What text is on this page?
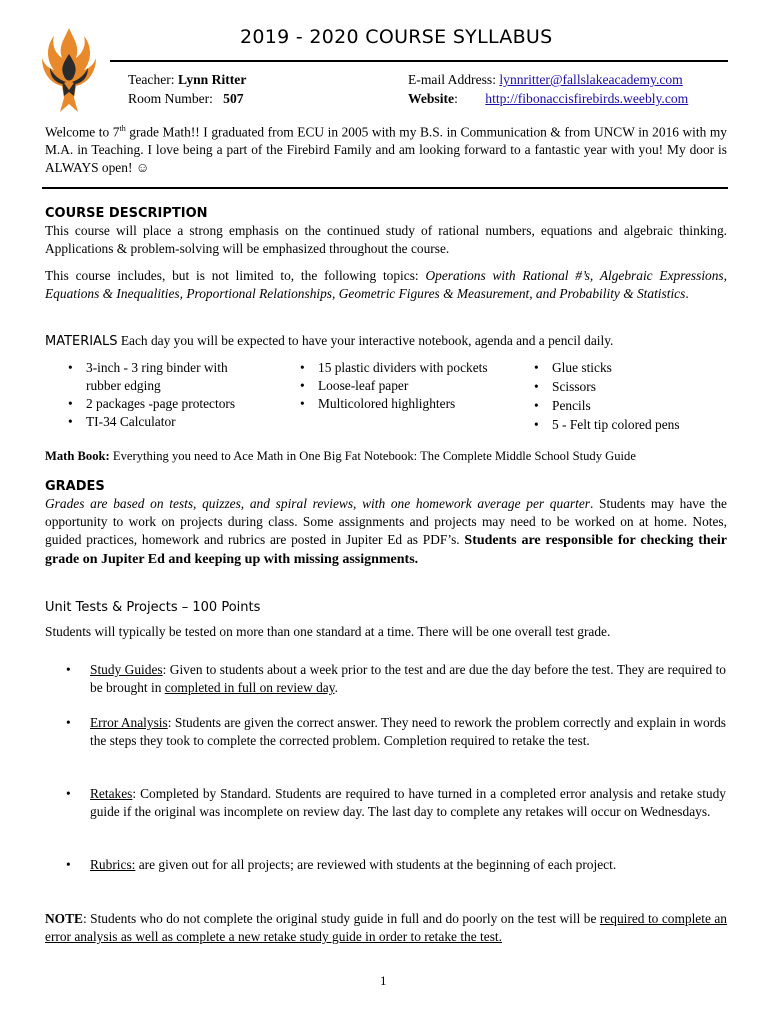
2019 - 2020 COURSE SYLLABUS
Teacher: Lynn Ritter
Room Number: 507
E-mail Address: lynnritter@fallslakeacademy.com
Website: http://fibonaccisfirebirds.weebly.com
Welcome to 7th grade Math!! I graduated from ECU in 2005 with my B.S. in Communication & from UNCW in 2016 with my M.A. in Teaching. I love being a part of the Firebird Family and am looking forward to a fantastic year with you! My door is ALWAYS open! ☺
COURSE DESCRIPTION
This course will place a strong emphasis on the continued study of rational numbers, equations and algebraic thinking. Applications & problem-solving will be emphasized throughout the course.
This course includes, but is not limited to, the following topics: Operations with Rational #’s, Algebraic Expressions, Equations & Inequalities, Proportional Relationships, Geometric Figures & Measurement, and Probability & Statistics.
MATERIALS Each day you will be expected to have your interactive notebook, agenda and a pencil daily.
• 3-inch - 3 ring binder with rubber edging
• 2 packages -page protectors
• TI-34 Calculator
• 15 plastic dividers with pockets
• Loose-leaf paper
• Multicolored highlighters
• Glue sticks
• Scissors
• Pencils
• 5 - Felt tip colored pens
Math Book: Everything you need to Ace Math in One Big Fat Notebook: The Complete Middle School Study Guide
GRADES
Grades are based on tests, quizzes, and spiral reviews, with one homework average per quarter. Students may have the opportunity to work on projects during class. Some assignments and projects may need to be worked on at home. Notes, guided practices, homework and rubrics are posted in Jupiter Ed as PDF’s. Students are responsible for checking their grade on Jupiter Ed and keeping up with missing assignments.
Unit Tests & Projects – 100 Points
Students will typically be tested on more than one standard at a time. There will be one overall test grade.
• Study Guides: Given to students about a week prior to the test and are due the day before the test. They are required to be brought in completed in full on review day.
• Error Analysis: Students are given the correct answer. They need to rework the problem correctly and explain in words the steps they took to complete the corrected problem. Completion required to retake the test.
• Retakes: Completed by Standard. Students are required to have turned in a completed error analysis and retake study guide if the original was incomplete on review day. The last day to complete any retakes will occur on Wednesdays.
• Rubrics: are given out for all projects; are reviewed with students at the beginning of each project.
NOTE: Students who do not complete the original study guide in full and do poorly on the test will be required to complete an error analysis as well as complete a new retake study guide in order to retake the test.
1
